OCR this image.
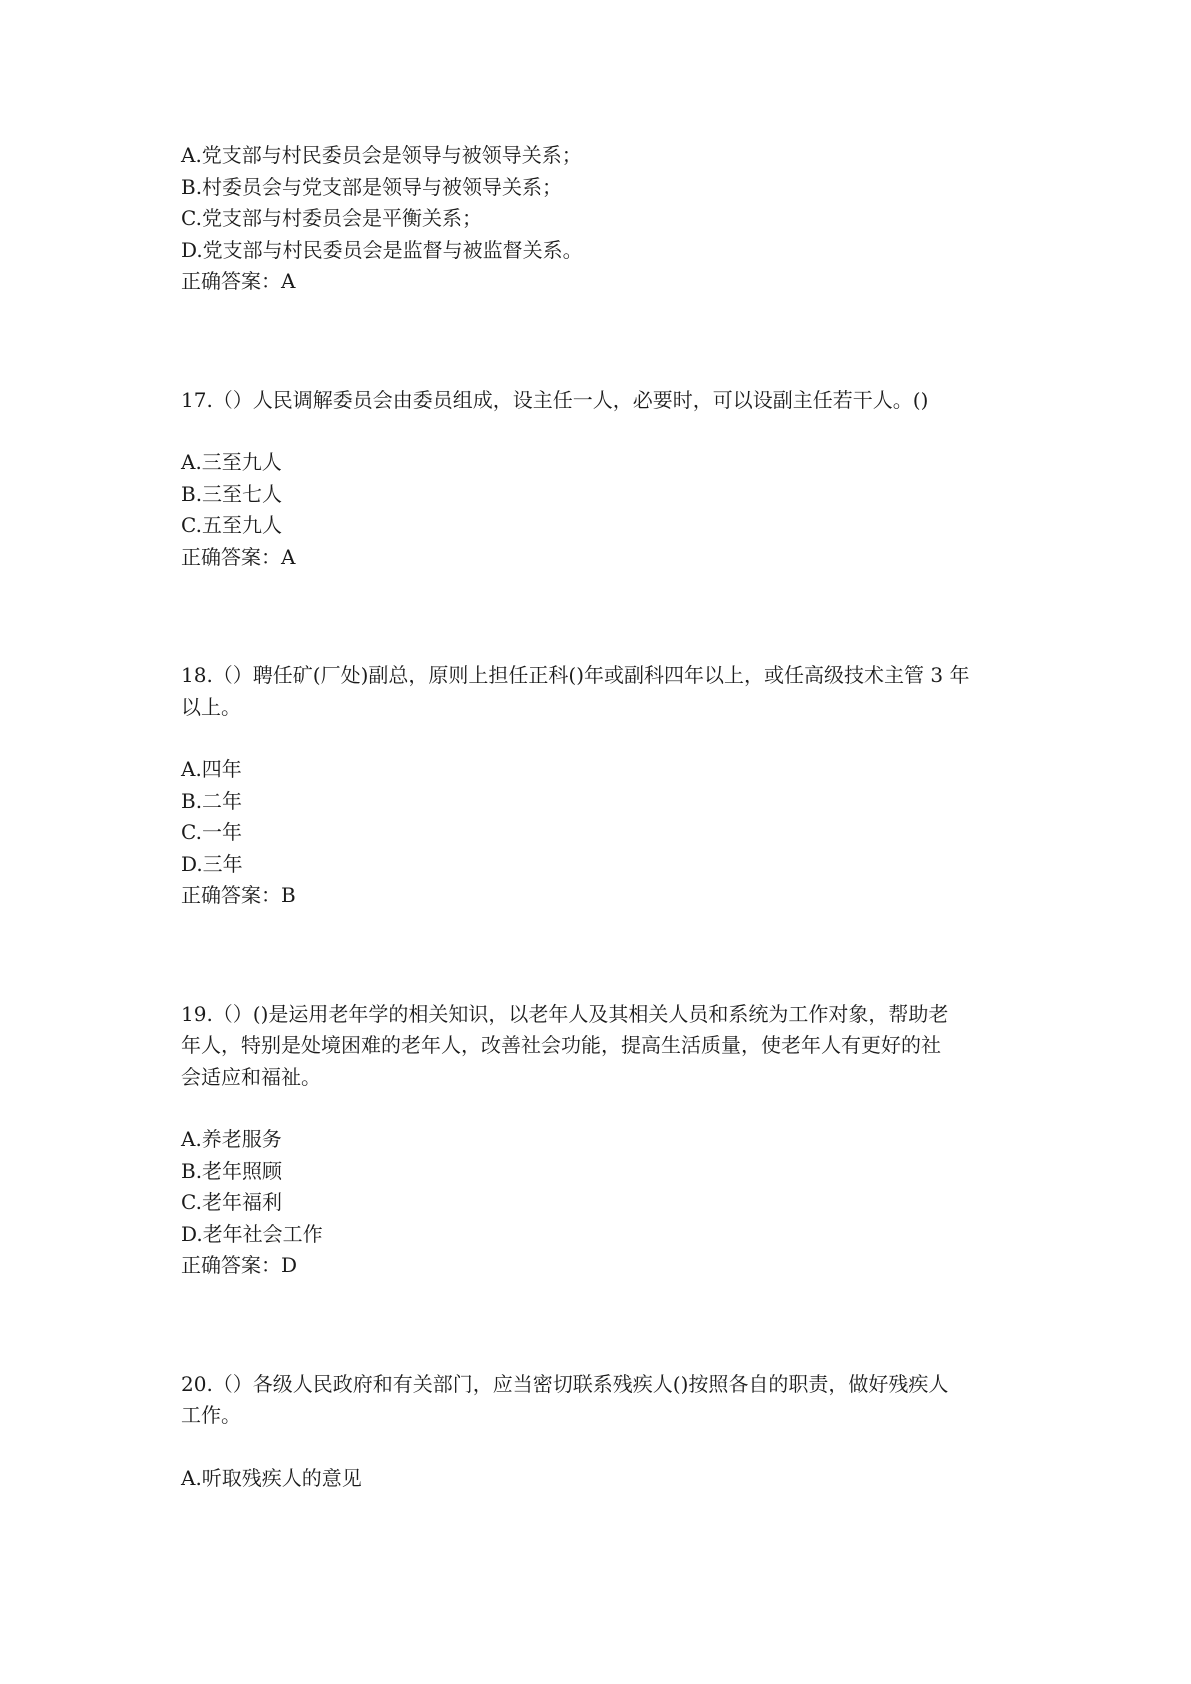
A.党支部与村民委员会是领导与被领导关系；

B.村委员会与党支部是领导与被领导关系；

C.党支部与村委员会是平衡关系；

D.党支部与村民委员会是监督与被监督关系。

正确答案：A

17.（）人民调解委员会由委员组成，设主任一人，必要时，可以设副主任若干人。()

A.三至九人

B.三至七人

C.五至九人

正确答案：A

18.（）聘任矿(厂处)副总，原则上担任正科()年或副科四年以上，或任高级技术主管 3 年

以上。

A.四年

B.二年

C.一年

D.三年

正确答案：B

19.（）()是运用老年学的相关知识，以老年人及其相关人员和系统为工作对象，帮助老

年人，特别是处境困难的老年人，改善社会功能，提高生活质量，使老年人有更好的社

会适应和福祉。

A.养老服务

B.老年照顾

C.老年福利

D.老年社会工作

正确答案：D

20.（）各级人民政府和有关部门，应当密切联系残疾人()按照各自的职责，做好残疾人

工作。

A.听取残疾人的意见
